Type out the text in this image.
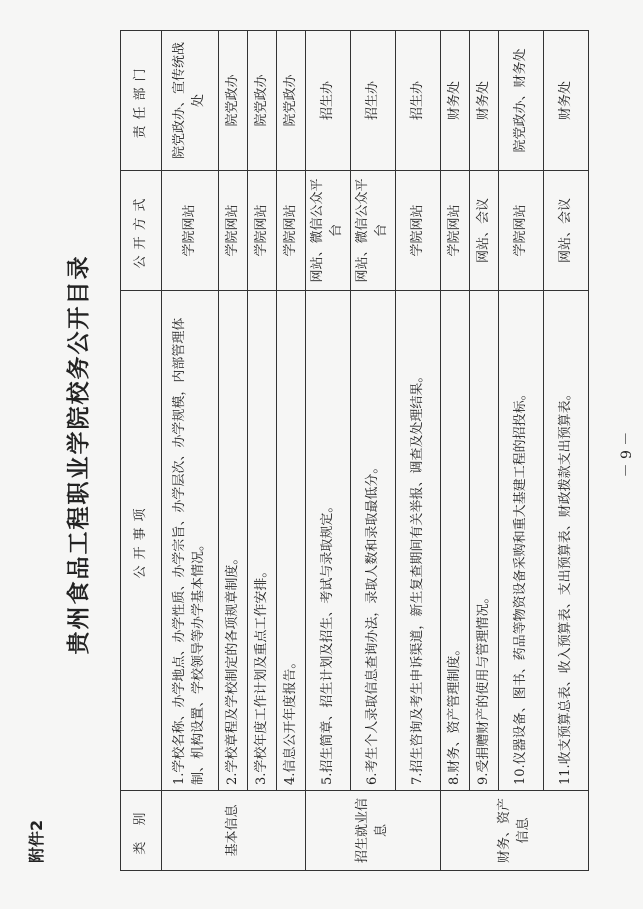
附件2
贵州食品工程职业学院校务公开目录
类 别	公开事项	公开方式	责任部门
基本信息	1.学校名称、办学地点、办学性质、办学宗旨、办学层次、办学规模，内部管理体制、机构设置、学校领导等办学基本情况。	学院网站	院党政办、宣传统战处
	2.学校章程及学校制定的各项规章制度。	学院网站	院党政办
	3.学校年度工作计划及重点工作安排。	学院网站	院党政办
	4.信息公开年度报告。	学院网站	院党政办
招生就业信息	5.招生简章、招生计划及招生、考试与录取规定。	网站、微信公众平台	招生办
	6.考生个人录取信息查询办法，录取人数和录取最低分。	网站、微信公众平台	招生办
	7.招生咨询及考生申诉渠道，新生复查期间有关举报、调查及处理结果。	学院网站	招生办
财务、资产信息	8.财务、资产管理制度。	学院网站	财务处
	9.受捐赠财产的使用与管理情况。	网站、会议	财务处
	10.仪器设备、图书、药品等物资设备采购和重大基建工程的招投标。	学院网站	院党政办、财务处
	11.收支预算总表、收入预算表、支出预算表、财政拨款支出预算表。	网站、会议	财务处
－ 9 －
